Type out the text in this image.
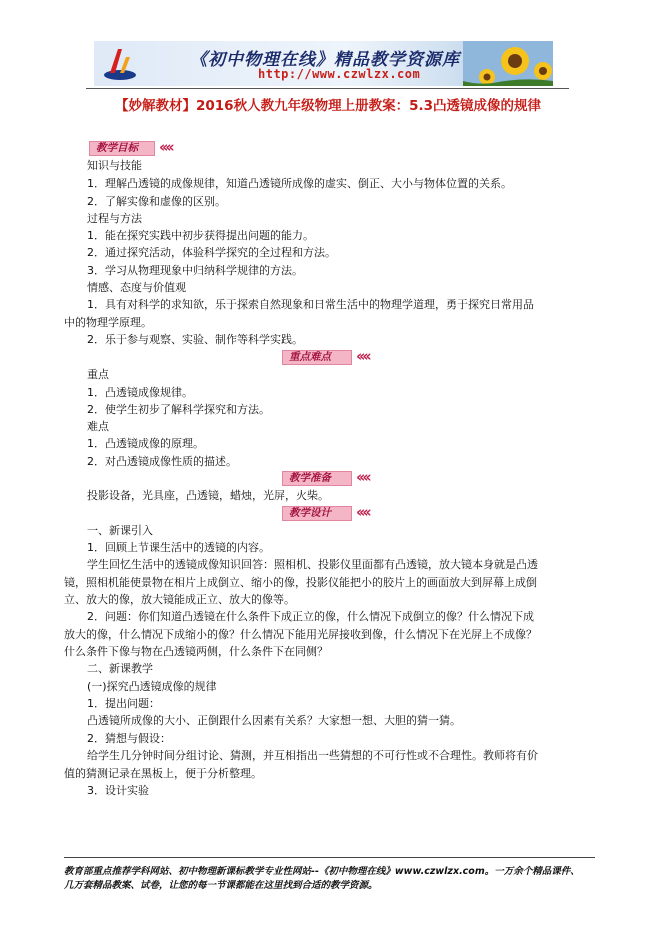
《初中物理在线》精品教学资源库
http://www.czwlzx.com
【妙解教材】2016秋人教九年级物理上册教案：5.3凸透镜成像的规律
教学目标	‹‹‹‹
知识与技能
1．理解凸透镜的成像规律，知道凸透镜所成像的虚实、倒正、大小与物体位置的关系。
2．了解实像和虚像的区别。
过程与方法
1．能在探究实践中初步获得提出问题的能力。
2．通过探究活动，体验科学探究的全过程和方法。
3．学习从物理现象中归纳科学规律的方法。
情感、态度与价值观
1．具有对科学的求知欲，乐于探索自然现象和日常生活中的物理学道理，勇于探究日常用品
中的物理学原理。
2．乐于参与观察、实验、制作等科学实践。
重点难点	‹‹‹‹
重点
1．凸透镜成像规律。
2．使学生初步了解科学探究和方法。
难点
1．凸透镜成像的原理。
2．对凸透镜成像性质的描述。
教学准备	‹‹‹‹
投影设备，光具座，凸透镜，蜡烛，光屏，火柴。
教学设计	‹‹‹‹
一、新课引入
1．回顾上节课生活中的透镜的内容。
学生回忆生活中的透镜成像知识回答：照相机、投影仪里面都有凸透镜，放大镜本身就是凸透
镜，照相机能使景物在相片上成倒立、缩小的像，投影仪能把小的胶片上的画面放大到屏幕上成倒
立、放大的像，放大镜能成正立、放大的像等。
2．问题：你们知道凸透镜在什么条件下成正立的像，什么情况下成倒立的像？什么情况下成
放大的像，什么情况下成缩小的像？什么情况下能用光屏接收到像，什么情况下在光屏上不成像？
什么条件下像与物在凸透镜两侧，什么条件下在同侧？
二、新课教学
(一)探究凸透镜成像的规律
1．提出问题：
凸透镜所成像的大小、正倒跟什么因素有关系？大家想一想、大胆的猜一猜。
2．猜想与假设：
给学生几分钟时间分组讨论、猜测，并互相指出一些猜想的不可行性或不合理性。教师将有价
值的猜测记录在黑板上，便于分析整理。
3．设计实验
教育部重点推荐学科网站、初中物理新课标教学专业性网站--《初中物理在线》www.czwlzx.com。一万余个精品课件、
几万套精品教案、试卷，让您的每一节课都能在这里找到合适的教学资源。
